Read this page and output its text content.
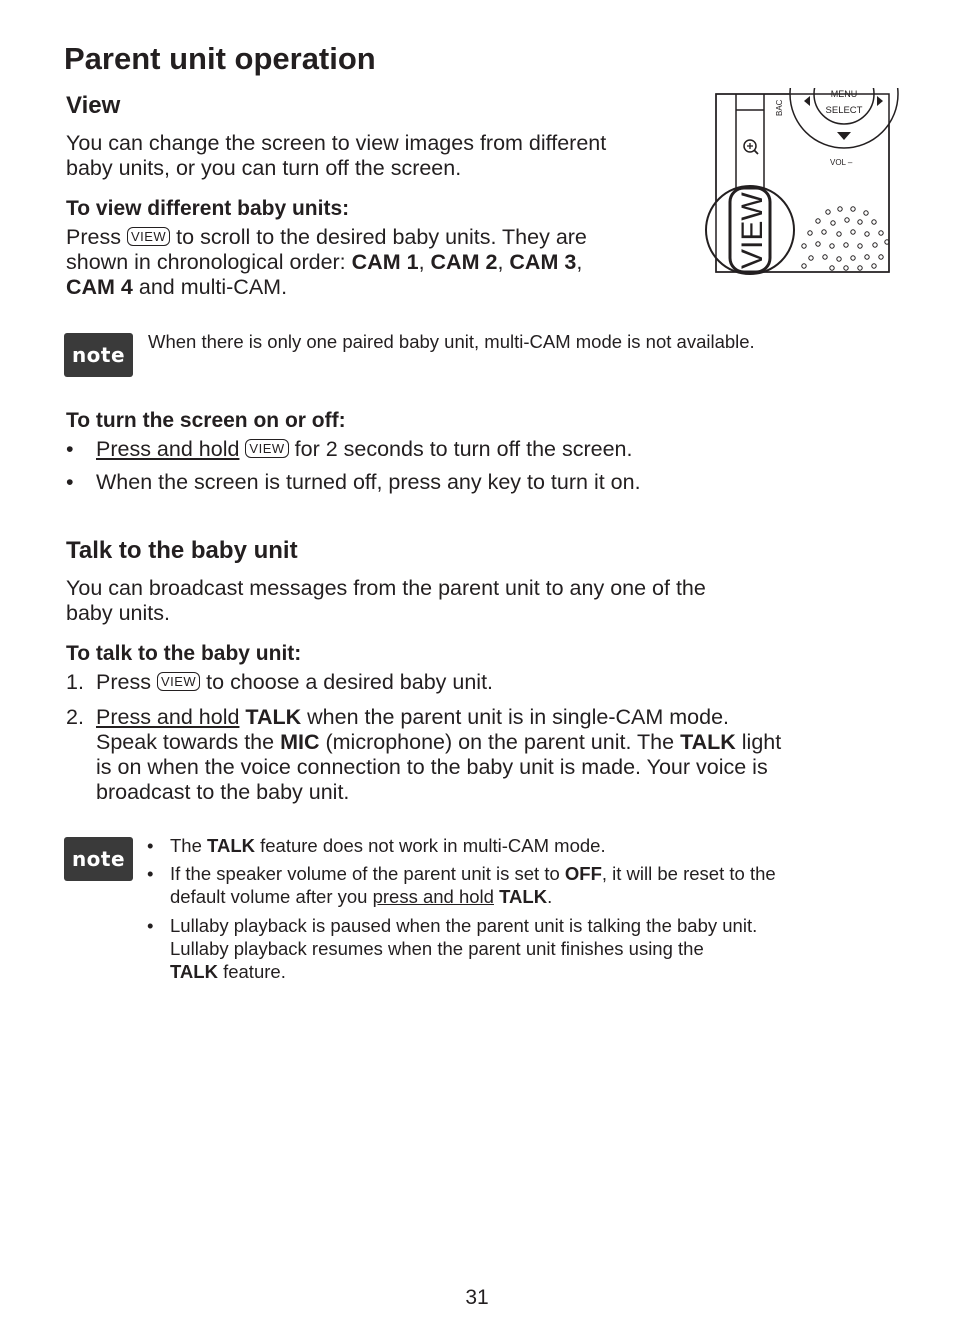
Parent unit operation
View

You can change the screen to view images from different

baby units, or you can turn off the screen.

To view different baby units:

Press VIEW to scroll to the desired baby units. They are

shown in chronological order: CAM 1, CAM 2, CAM 3,

CAM 4 and multi-CAM.

VIEW
BAC
MENU
SELECT
VOL –
note

When there is only one paired baby unit, multi-CAM mode is not available.

To turn the screen on or off:

• Press and hold VIEW for 2 seconds to turn off the screen.
• When the screen is turned off, press any key to turn it on.
Talk to the baby unit

You can broadcast messages from the parent unit to any one of the

baby units.

To talk to the baby unit:

1. Press VIEW to choose a desired baby unit.
2. Press and hold TALK when the parent unit is in single-CAM mode.
Speak towards the MIC (microphone) on the parent unit. The TALK light

is on when the voice connection to the baby unit is made. Your voice is

broadcast to the baby unit.

note
• The TALK feature does not work in multi-CAM mode.
• If the speaker volume of the parent unit is set to OFF, it will be reset to the
default volume after you press and hold TALK.
• Lullaby playback is paused when the parent unit is talking the baby unit.

Lullaby playback resumes when the parent unit finishes using the

TALK feature.

31
